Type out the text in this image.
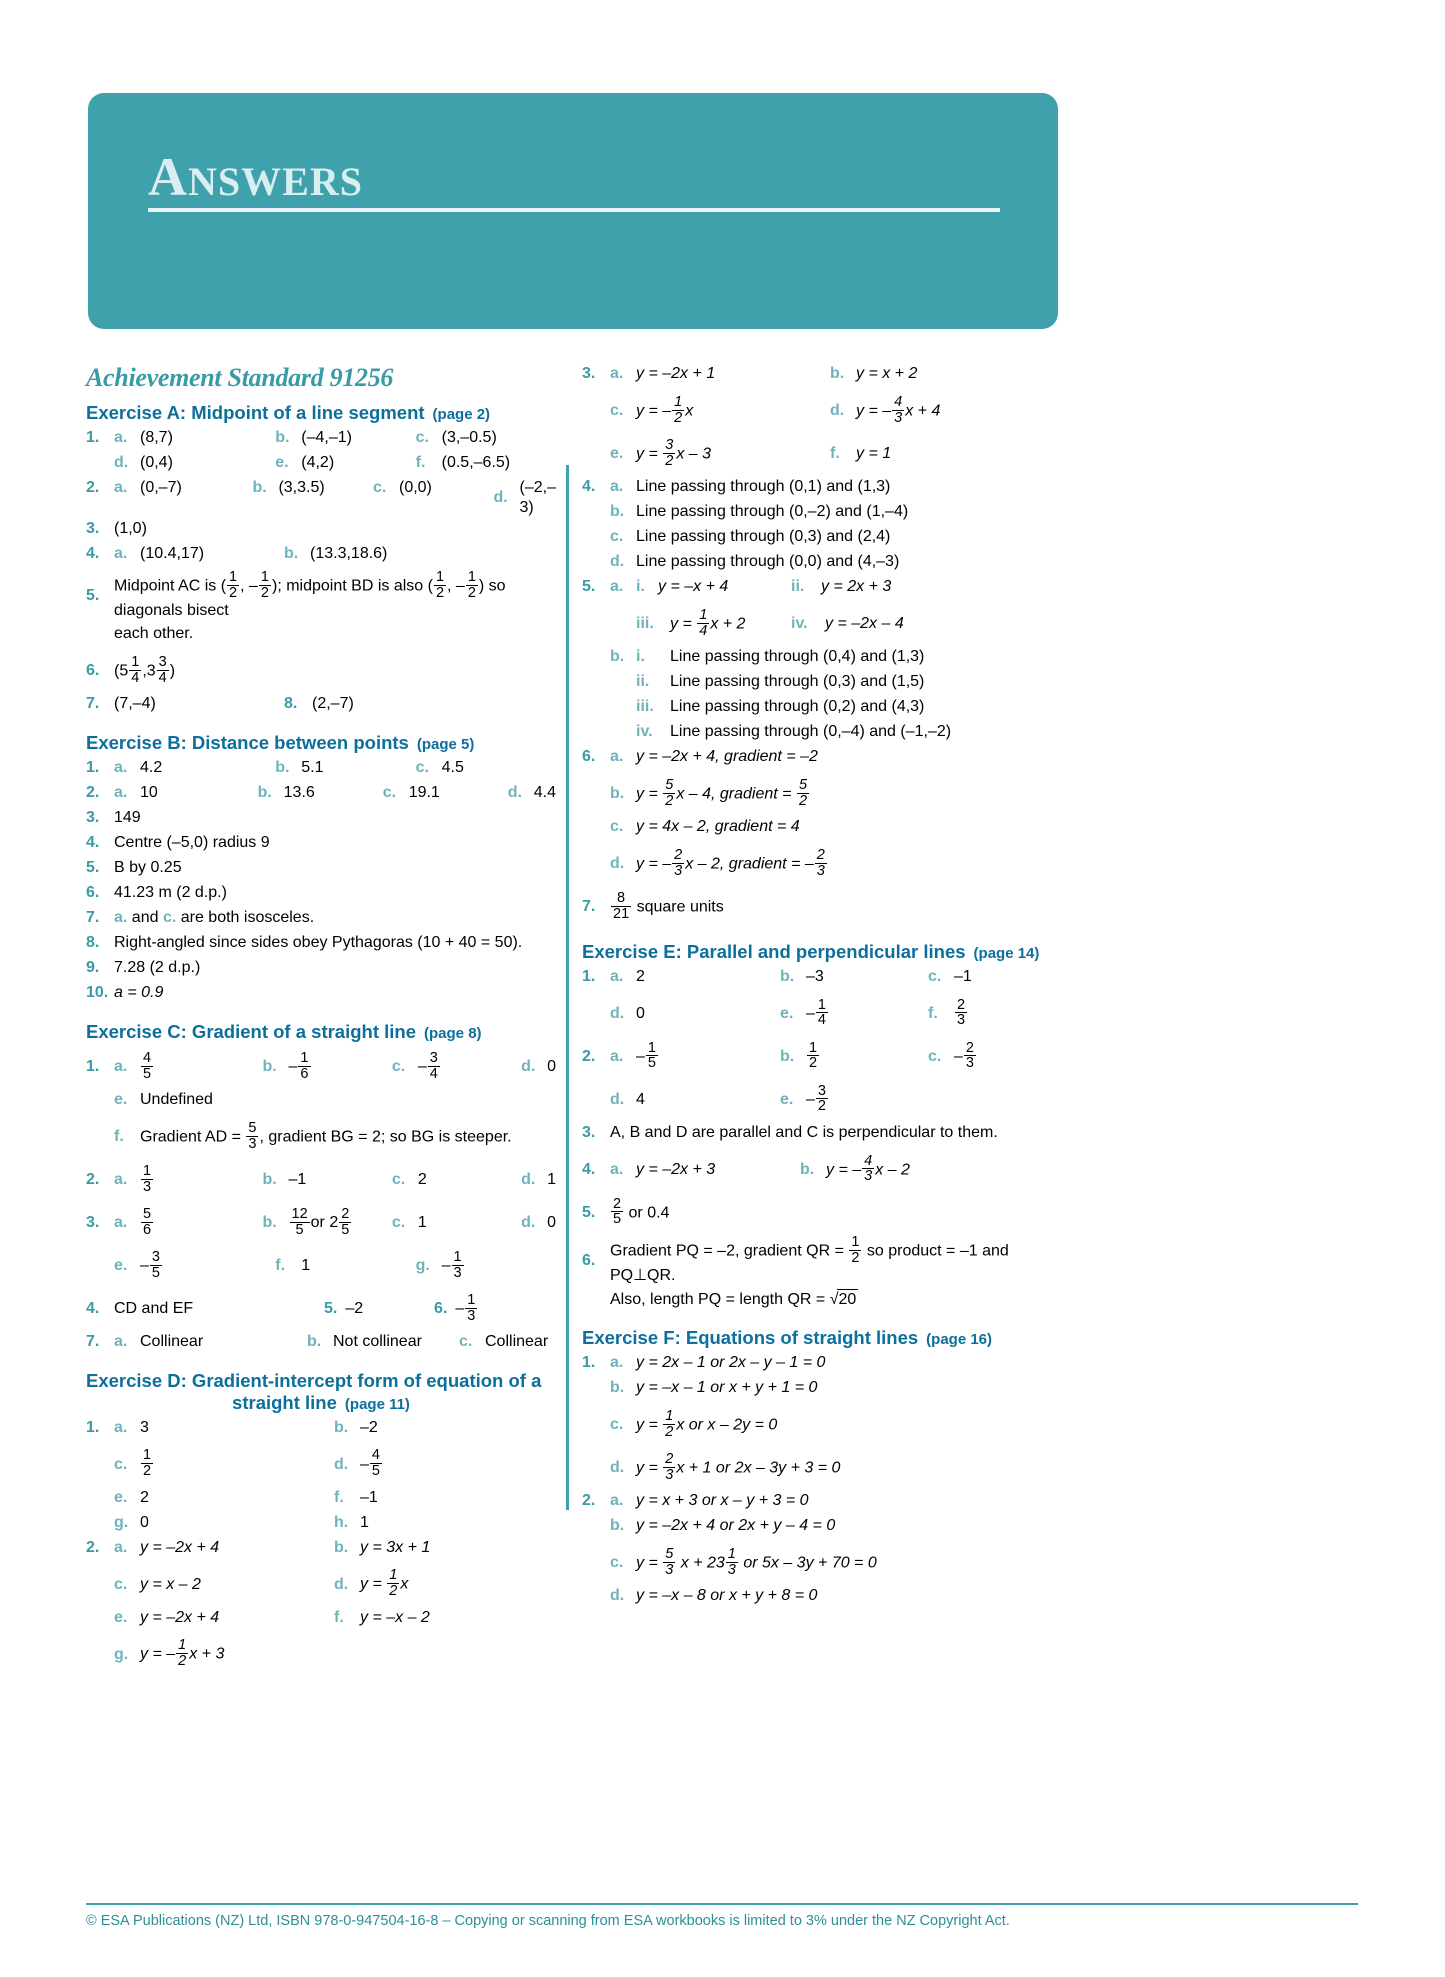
ANSWERS
Achievement Standard 91256
Exercise A: Midpoint of a line segment (page 2)
1. a. (8,7)	b. (–4,–1)	c. (3,–0.5)
d. (0,4)	e. (4,2)	f.	(0.5,–6.5)
2. a. (0,–7)	b. (3,3.5)	c. (0,0)
d.
(–2,–3)
3. (1,0)
4. a. (10.4,17)	b. (13.3,18.6)
5.
Midpoint AC is ( $\frac{1}{2}$ , – $\frac{1}{2}$ ); midpoint BD is also ( $\frac{1}{2}$ , – $\frac{1}{2}$ ) so diagonals bisect
each other.
6. ($5 \frac{1}{4} ,3 \frac{3}{4}$ )
7. (7,–4)	8. (2,–7)
Exercise B: Distance between points (page 5)
1. a. 4.2	b. 5.1	c. 4.5
2. a. 10	b. 13.6	c. 19.1	d. 4.4
3. 149
4. Centre (–5,0) radius 9
5. B by 0.25
6. 41.23 m (2 d.p.)
7. a. and c. are both isosceles.
8. Right-angled since sides obey Pythagoras (10 + 40 = 50).
9. 7.28 (2 d.p.)
10. a = 0.9
Exercise C: Gradient of a straight line (page 8)
1. a.
4
5	b. –
1
6	c. –
3
4	d. 0
e. Undefined
f.	Gradient AD = $\frac{5}{3}$ , gradient BG = 2; so BG is steeper.
2. a.
1
3	b. –1	c. 2	d. 1
3. a.
5
6	b.
12
5 or 2
2
5	c. 1	d. 0
e. –
3
5	f.	1	g. –
1
3
4. CD and EF	5. –2	6. –
1
3
7. a. Collinear	b. Not collinear c. Collinear
Exercise D: Gradient-intercept form of equation of a
straight line (page 11)
1. a. 3	b. –2
c.
1
2	d. –
4
5
e. 2	f.	–1
g. 0	h. 1
2. a. y = –2x + 4	b. y = 3x + 1
c. y = x – 2	d. $y = \frac{1}{2}$ x
e. y = –2x + 4	f.	y = –x – 2
g. y = – $\frac{1}{2}$ x + 3
3. a. y = –2x + 1	b. y = x + 2
c. y = – $\frac{1}{2}$ x	d. y = – $\frac{4}{3}$ x + 4
e. $y = \frac{3}{2}$ x – 3	f.	y = 1
4. a. Line passing through (0,1) and (1,3)
b. Line passing through (0,–2) and (1,–4)
c. Line passing through (0,3) and (2,4)
d. Line passing through (0,0) and (4,–3)
5. a. i. y = –x + 4	ii.	y = 2x + 3
iii.	$y = \frac{1}{4}$ x + 2	iv.	y = –2x – 4
b. i.	Line passing through (0,4) and (1,3)
ii.	Line passing through (0,3) and (1,5)
iii.	Line passing through (0,2) and (4,3)
iv.	Line passing through (0,–4) and (–1,–2)
6. a. y = –2x + 4, gradient = –2
b. $y = \frac{5}{2}$ x – 4, gradient = $\frac{5}{2}$
c. y = 4x – 2, gradient = 4
d. y = – $\frac{2}{3}$ x – 2, gradient = – $\frac{2}{3}$
7.	$\frac{8}{21}$ square units
Exercise E: Parallel and perpendicular lines (page 14)
1. a. 2	b. –3	c. –1
d. 0	e. –
1
4	f.
2
3
2. a. –
1
5	b.
1
2	c. –
2
3
d. 4	e. –
3
2
3. A, B and D are parallel and C is perpendicular to them.
4. a. y = –2x + 3	b. y = – $\frac{4}{3}$ x – 2
5.	$\frac{2}{5}$ or 0.4
6.
Gradient PQ = –2, gradient QR = $\frac{1}{2}$ so product = –1 and PQ⊥QR.
Also, length PQ = length QR = √20
Exercise F: Equations of straight lines (page 16)
1. a. y = 2x – 1 or 2x – y – 1 = 0
b. y = –x – 1 or x + y + 1 = 0
c. $y = \frac{1}{2}$ x or x – 2y = 0
d. $y = \frac{2}{3}$ x + 1 or 2x – 3y + 3 = 0
2. a. y = x + 3 or x – y + 3 = 0
b. y = –2x + 4 or 2x + y – 4 = 0
c. $y = \frac{5}{3}$ $x + 23 \frac{1}{3}$ or 5x – 3y + 70 = 0
d. y = –x – 8 or x + y + 8 = 0
© ESA Publications (NZ) Ltd, ISBN 978-0-947504-16-8 – Copying or scanning from ESA workbooks is limited to 3% under the NZ Copyright Act.
